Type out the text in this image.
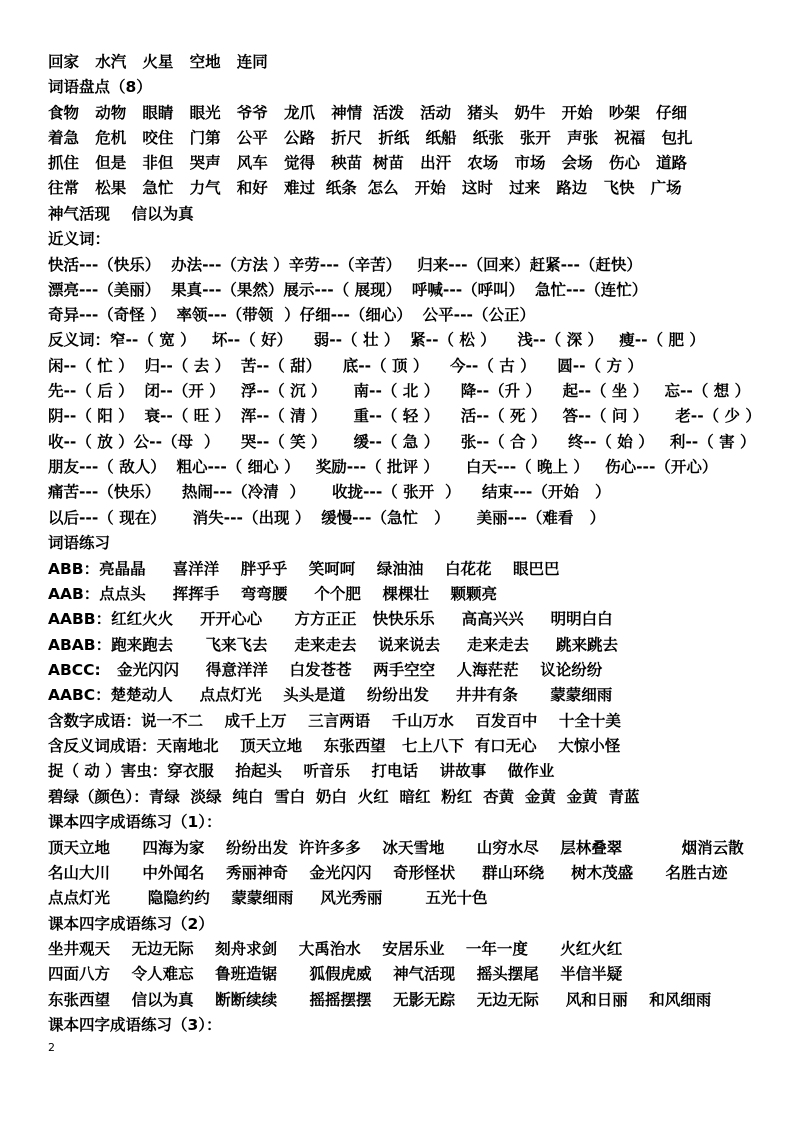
回家   水汽   火星   空地   连同
词语盘点（8）
食物   动物   眼睛   眼光   爷爷   龙爪   神情  活泼   活动   猪头   奶牛   开始   吵架   仔细
着急   危机   咬住   门第   公平   公路   折尺   折纸   纸船   纸张   张开   声张   祝福   包扎
抓住   但是   非但   哭声   风车   觉得   秧苗  树苗   出汗   农场   市场   会场   伤心   道路
往常   松果   急忙   力气   和好   难过  纸条  怎么   开始   这时   过来   路边   飞快   广场
神气活现    信以为真
近义词：
快活---（快乐）  办法---（方法 ）辛劳---（辛苦）   归来---（回来）赶紧---（赶快）
漂亮---（美丽）  果真---（果然）展示---（ 展现）  呼喊---（呼叫）  急忙---（连忙）
奇异---（奇怪 ）  率领---（带领  ）仔细---（细心）  公平---（公正）
反义词：窄--（ 宽 ）   坏--（ 好）    弱--（ 壮 ）  紧--（ 松 ）    浅--（ 深 ）   瘦--（ 肥 ）
闲--（ 忙 ）  归--（ 去 ）  苦--（ 甜）    底--（ 顶 ）    今--（ 古 ）    圆--（ 方 ）
先--（ 后 ）  闭--（开 ）   浮--（ 沉 ）     南--（ 北 ）    降--（升 ）    起--（ 坐 ）   忘--（ 想 ）
阴--（ 阳 ）  衰--（ 旺 ）  浑--（ 清 ）     重--（ 轻 ）    活--（ 死 ）   答--（ 问 ）     老--（ 少 ）
收--（ 放 ）公--（母  ）    哭--（ 笑 ）     缓--（ 急 ）    张--（ 合 ）    终--（ 始 ）   利--（ 害 ）
朋友---（ 敌人）  粗心---（ 细心 ）   奖励---（ 批评 ）     白天---（ 晚上 ）   伤心---（开心）
痛苦---（快乐）    热闹---（冷清  ）     收拢---（ 张开  ）    结束---（开始   ）
以后---（ 现在）     消失---（出现 ）  缓慢---（急忙   ）     美丽---（难看   ）
词语练习
ABB：亮晶晶     喜洋洋    胖乎乎    笑呵呵    绿油油    白花花    眼巴巴
AAB：点点头     挥挥手    弯弯腰     个个肥    棵棵壮    颗颗亮
AABB：红红火火     开开心心      方方正正   快快乐乐     高高兴兴     明明白白
ABAB：跑来跑去      飞来飞去     走来走去    说来说去     走来走去     跳来跳去
ABCC:   金光闪闪     得意洋洋    白发苍苍    两手空空    人海茫茫    议论纷纷
AABC：楚楚动人     点点灯光    头头是道    纷纷出发     井井有条      蒙蒙细雨
含数字成语：说一不二    成千上万    三言两语    千山万水    百发百中    十全十美
含反义词成语：天南地北    顶天立地    东张西望   七上八下  有口无心    大惊小怪
捉（ 动 ）害虫：穿衣服    抬起头    听音乐    打电话    讲故事    做作业
碧绿（颜色）：青绿  淡绿  纯白  雪白  奶白  火红  暗红  粉红  杏黄  金黄  金黄  青蓝
课本四字成语练习（1）：
顶天立地      四海为家    纷纷出发  许许多多    冰天雪地      山穷水尽    层林叠翠           烟消云散
名山大川      中外闻名    秀丽神奇    金光闪闪    奇形怪状     群山环绕     树木茂盛      名胜古迹
点点灯光       隐隐约约    蒙蒙细雨     风光秀丽        五光十色
课本四字成语练习（2）
坐井观天    无边无际    刻舟求剑    大禹治水    安居乐业    一年一度      火红火红
四面八方    令人难忘    鲁班造锯      狐假虎威    神气活现    摇头摆尾    半信半疑
东张西望    信以为真    断断续续      摇摇摆摆    无影无踪    无边无际     风和日丽    和风细雨
课本四字成语练习（3）：
2
